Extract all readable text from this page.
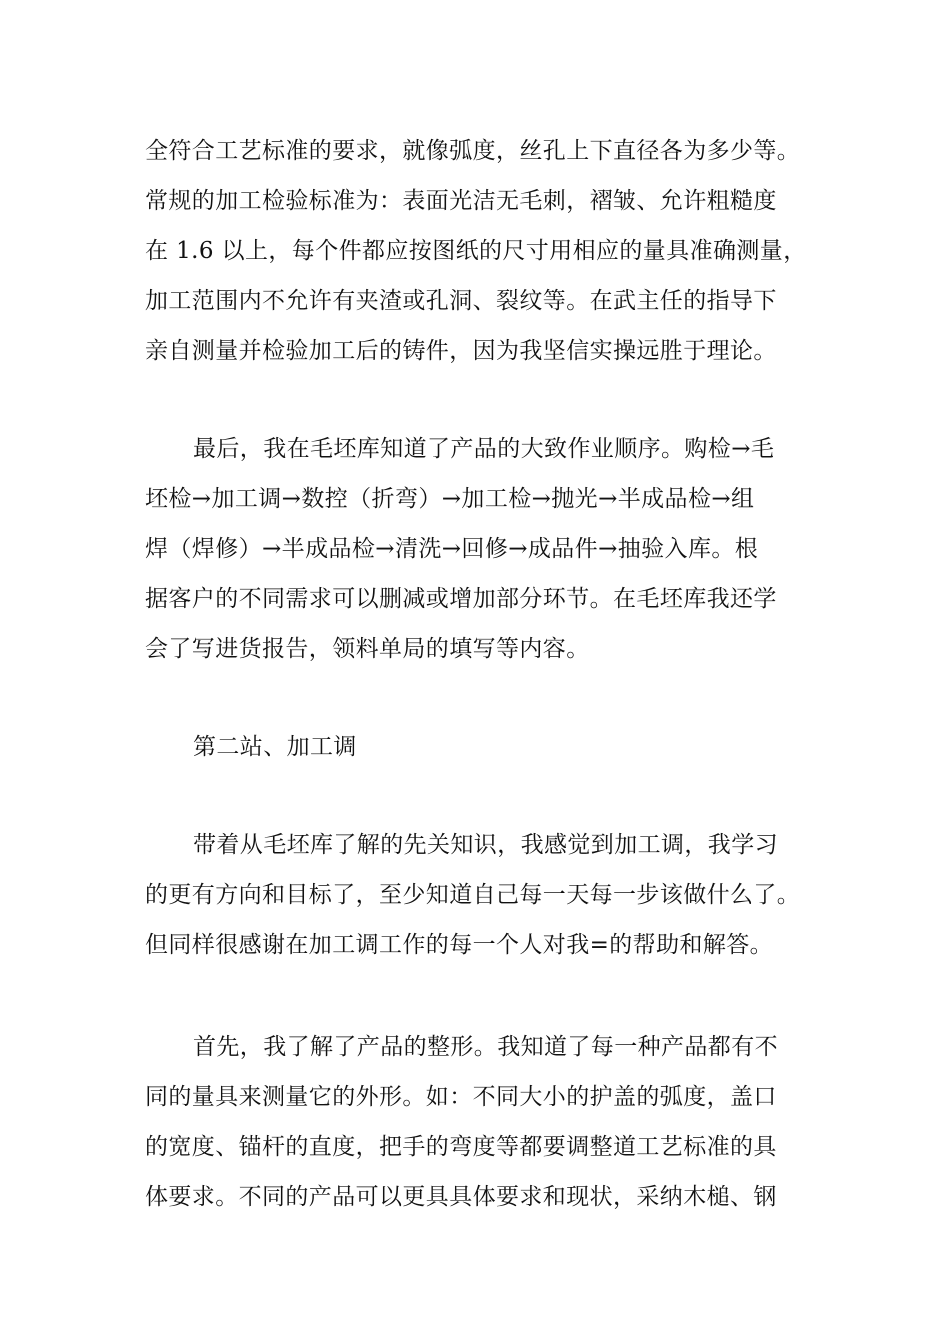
全符合工艺标准的要求，就像弧度，丝孔上下直径各为多少等。
常规的加工检验标准为：表面光洁无毛刺，褶皱、允许粗糙度
在 1.6 以上，每个件都应按图纸的尺寸用相应的量具准确测量，
加工范围内不允许有夹渣或孔洞、裂纹等。在武主任的指导下
亲自测量并检验加工后的铸件，因为我坚信实操远胜于理论。
最后，我在毛坯库知道了产品的大致作业顺序。购检→毛
坯检→加工调→数控（折弯）→加工检→抛光→半成品检→组
焊（焊修）→半成品检→清洗→回修→成品件→抽验入库。根
据客户的不同需求可以删减或增加部分环节。在毛坯库我还学
会了写进货报告，领料单局的填写等内容。
第二站、加工调
带着从毛坯库了解的先关知识，我感觉到加工调，我学习
的更有方向和目标了，至少知道自己每一天每一步该做什么了。
但同样很感谢在加工调工作的每一个人对我=的帮助和解答。
首先，我了解了产品的整形。我知道了每一种产品都有不
同的量具来测量它的外形。如：不同大小的护盖的弧度，盖口
的宽度、锚杆的直度，把手的弯度等都要调整道工艺标准的具
体要求。不同的产品可以更具具体要求和现状，采纳木槌、钢
